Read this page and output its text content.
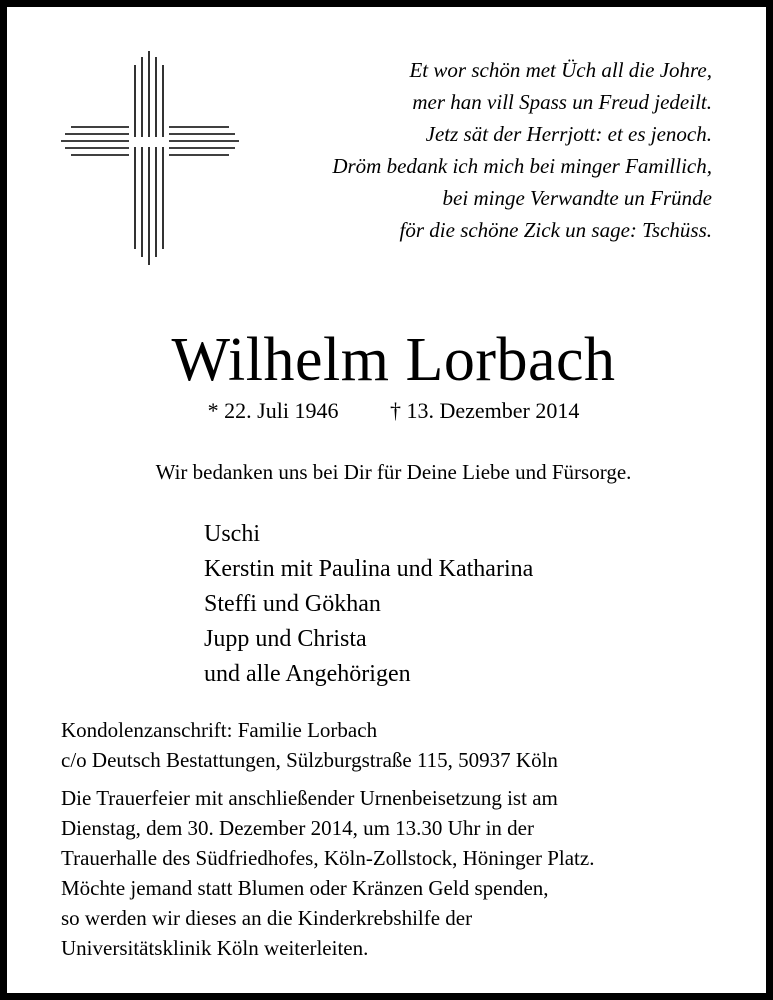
Et wor schön met Üch all die Johre,
mer han vill Spass un Freud jedeilt.
Jetz sät der Herrjott: et es jenoch.
Dröm bedank ich mich bei minger Famillich,
bei minge Verwandte un Fründe
för die schöne Zick un sage: Tschüss.
Wilhelm Lorbach
* 22. Juli 1946 † 13. Dezember 2014
Wir bedanken uns bei Dir für Deine Liebe und Fürsorge.
Uschi
Kerstin mit Paulina und Katharina
Steffi und Gökhan
Jupp und Christa
und alle Angehörigen
Kondolenzanschrift: Familie Lorbach
c/o Deutsch Bestattungen, Sülzburgstraße 115, 50937 Köln
Die Trauerfeier mit anschließender Urnenbeisetzung ist am
Dienstag, dem 30. Dezember 2014, um 13.30 Uhr in der
Trauerhalle des Südfriedhofes, Köln-Zollstock, Höninger Platz.
Möchte jemand statt Blumen oder Kränzen Geld spenden,
so werden wir dieses an die Kinderkrebshilfe der
Universitätsklinik Köln weiterleiten.
